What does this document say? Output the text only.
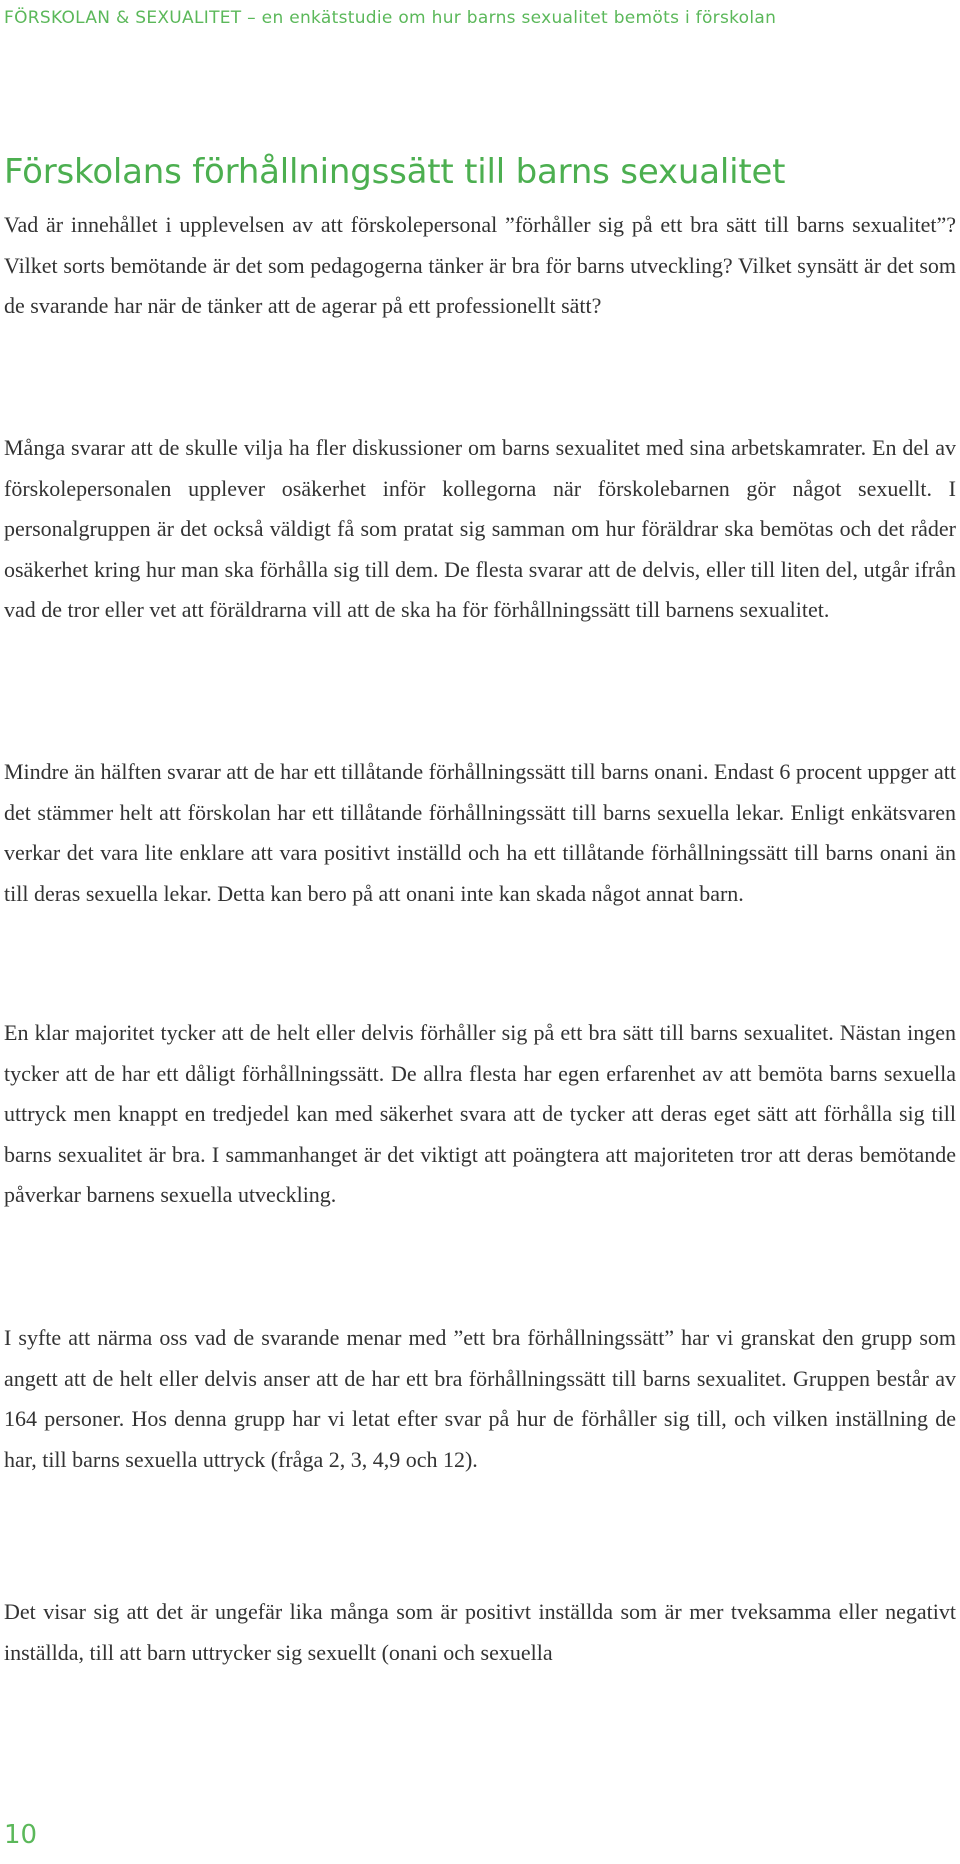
FÖRSKOLAN & SEXUALITET – en enkätstudie om hur barns sexualitet bemöts i förskolan
Förskolans förhållningssätt till barns sexualitet

Vad är innehållet i upplevelsen av att förskolepersonal ”förhåller sig på ett bra sätt till barns sexualitet”? Vilket sorts bemötande är det som pedagogerna tänker är bra för barns utveckling? Vilket synsätt är det som de svarande har när de tänker att de agerar på ett professionellt sätt?

Många svarar att de skulle vilja ha fler diskussioner om barns sexualitet med sina arbetskamrater. En del av förskolepersonalen upplever osäkerhet inför kollegorna när förskolebarnen gör något sexuellt. I personalgruppen är det också väldigt få som pratat sig samman om hur föräldrar ska bemötas och det råder osäkerhet kring hur man ska förhålla sig till dem. De flesta svarar att de delvis, eller till liten del, utgår ifrån vad de tror eller vet att föräldrarna vill att de ska ha för förhållningssätt till barnens sexualitet.

Mindre än hälften svarar att de har ett tillåtande förhållningssätt till barns onani. Endast 6 procent uppger att det stämmer helt att förskolan har ett tillåtande förhållningssätt till barns sexuella lekar. Enligt enkätsvaren verkar det vara lite enklare att vara positivt inställd och ha ett tillåtande förhållningssätt till barns onani än till deras sexuella lekar. Detta kan bero på att onani inte kan skada något annat barn.

En klar majoritet tycker att de helt eller delvis förhåller sig på ett bra sätt till barns sexualitet. Nästan ingen tycker att de har ett dåligt förhållningssätt. De allra flesta har egen erfarenhet av att bemöta barns sexuella uttryck men knappt en tredjedel kan med säkerhet svara att de tycker att deras eget sätt att förhålla sig till barns sexualitet är bra. I sammanhanget är det viktigt att poängtera att majoriteten tror att deras bemötande påverkar barnens sexuella utveckling.

I syfte att närma oss vad de svarande menar med ”ett bra förhållningssätt” har vi granskat den grupp som angett att de helt eller delvis anser att de har ett bra förhållningssätt till barns sexualitet. Gruppen består av 164 personer. Hos denna grupp har vi letat efter svar på hur de förhåller sig till, och vilken inställning de har, till barns sexuella uttryck (fråga 2, 3, 4,9 och 12).

Det visar sig att det är ungefär lika många som är positivt inställda som är mer tveksamma eller negativt inställda, till att barn uttrycker sig sexuellt (onani och sexuella

10
